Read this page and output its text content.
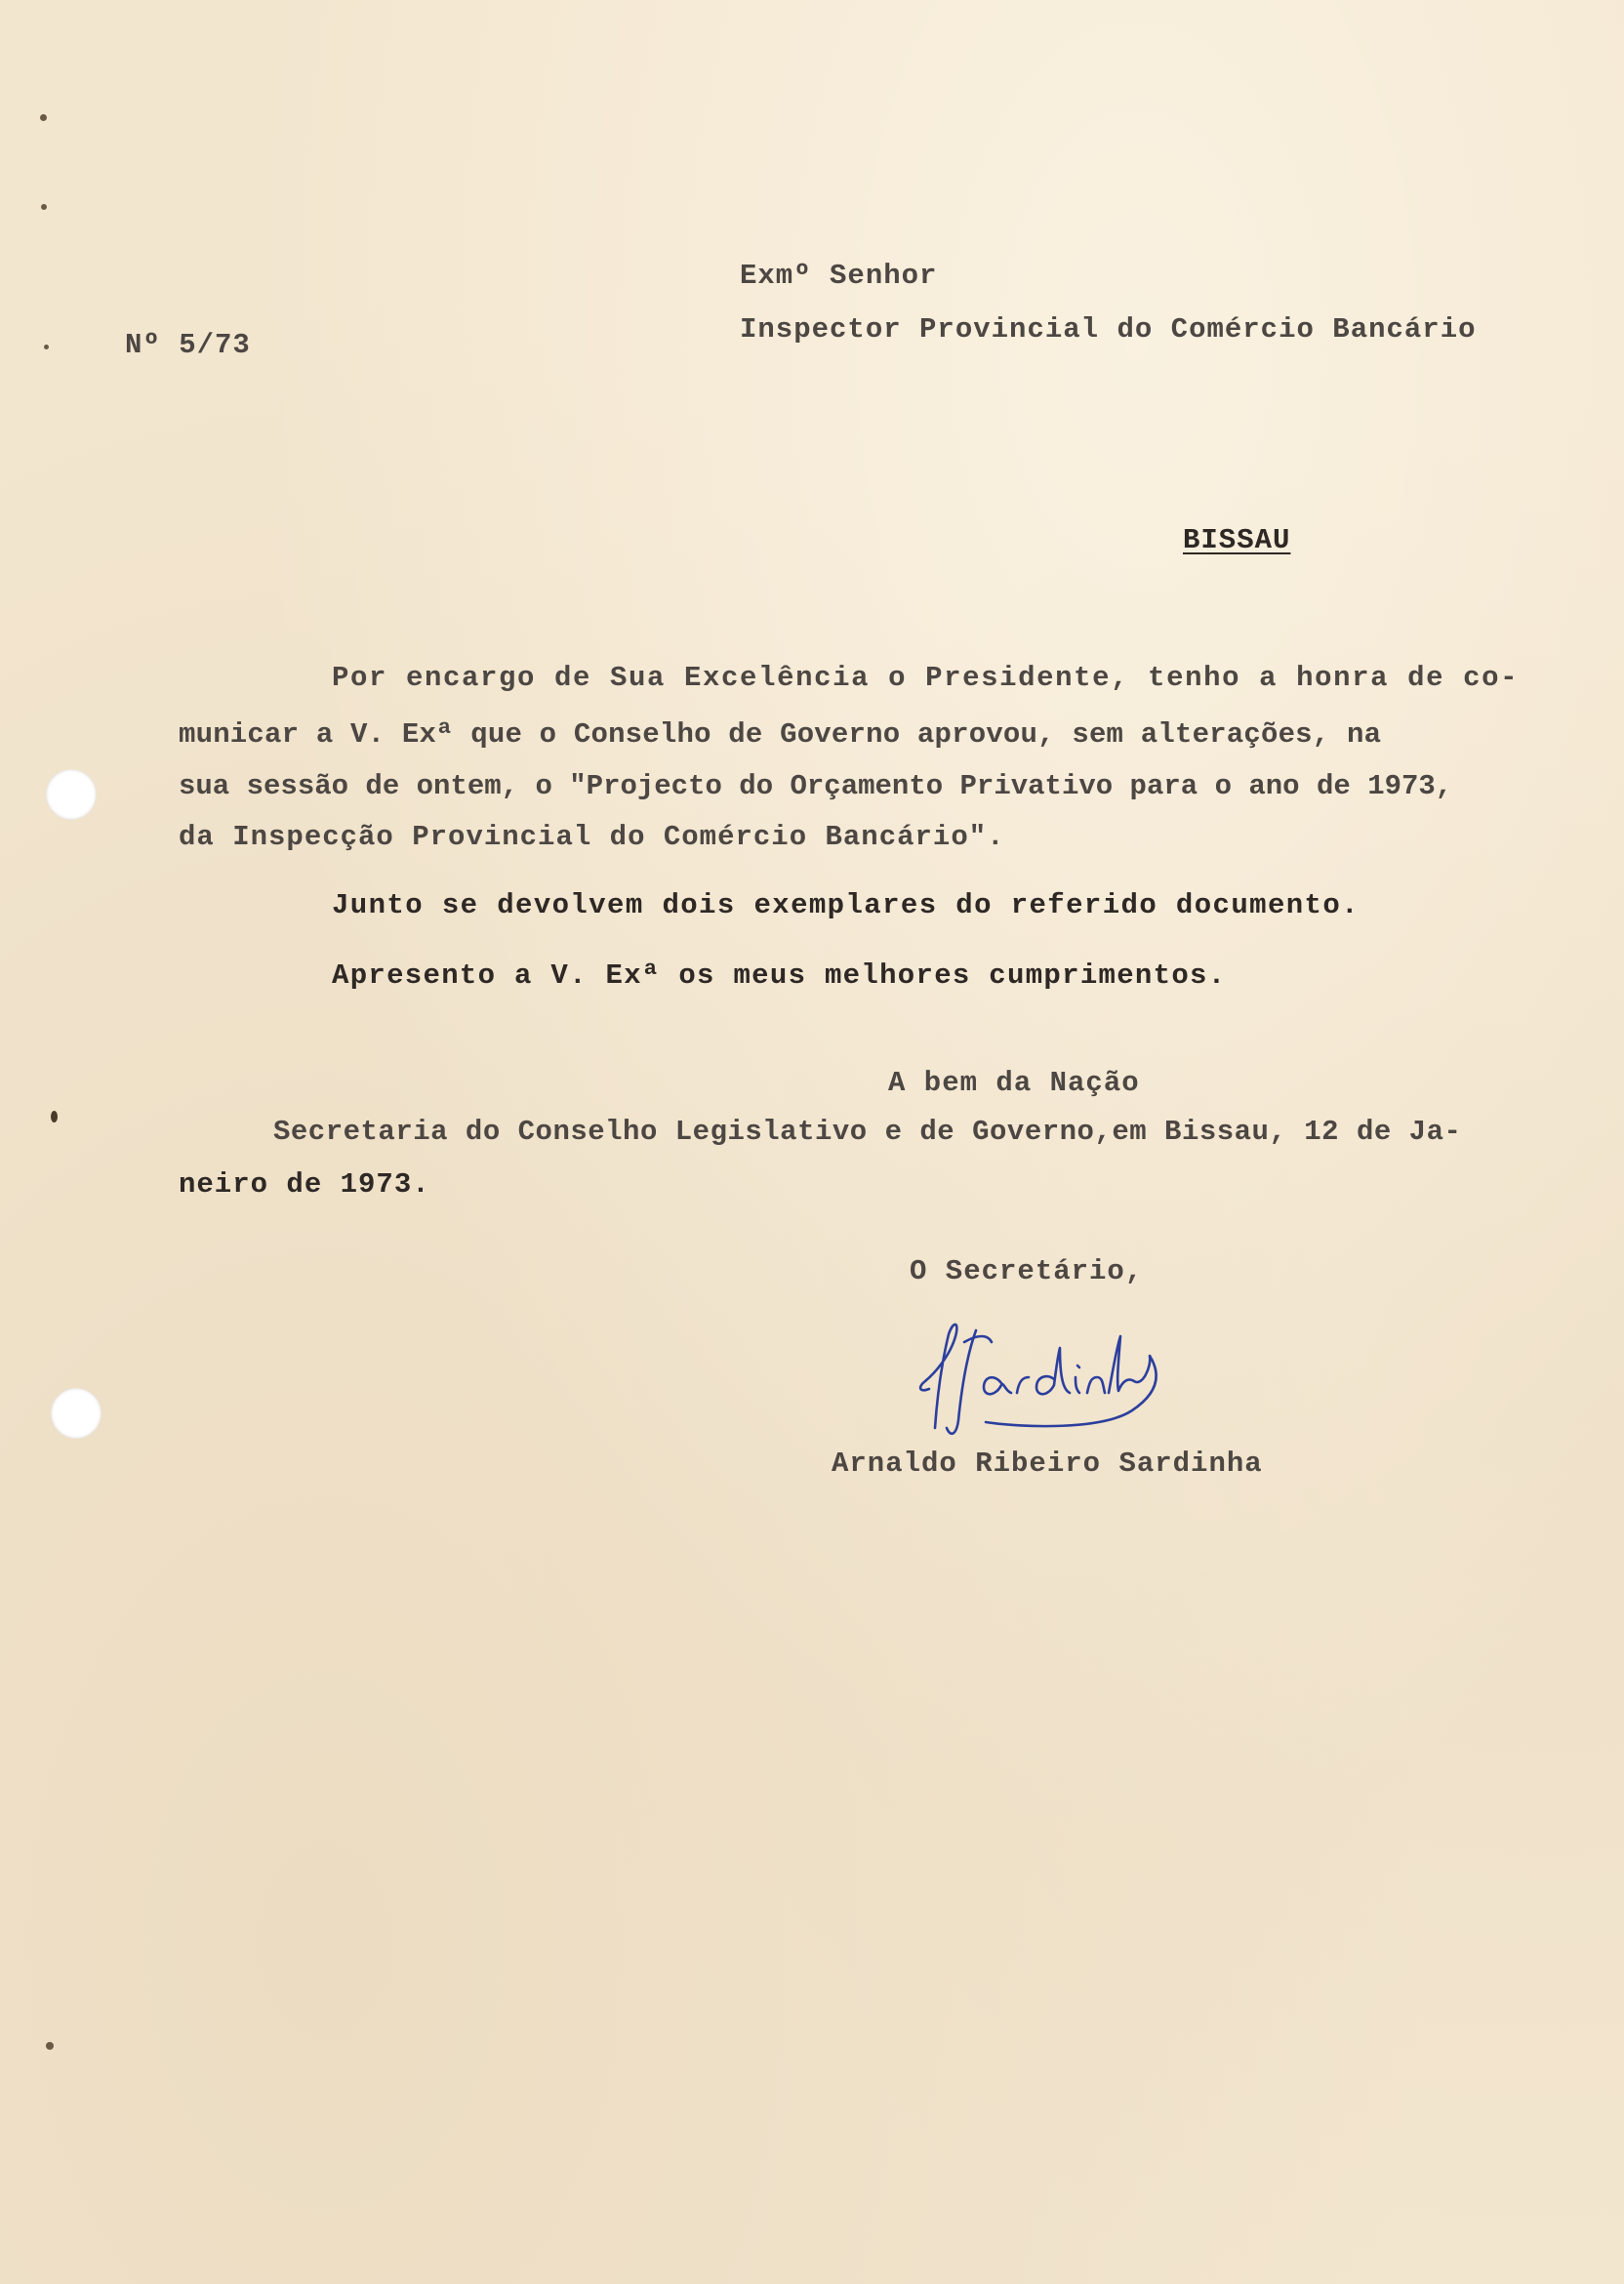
Nº 5/73
Exmº Senhor
Inspector Provincial do Comércio Bancário
BISSAU
Por encargo de Sua Excelência o Presidente, tenho a honra de co-
municar a V. Exª que o Conselho de Governo aprovou, sem alterações, na
sua sessão de ontem, o "Projecto do Orçamento Privativo para o ano de 1973,
da Inspecção Provincial do Comércio Bancário".
Junto se devolvem dois exemplares do referido documento.
Apresento a V. Exª os meus melhores cumprimentos.
A bem da Nação
Secretaria do Conselho Legislativo e de Governo,em Bissau, 12 de Ja-
neiro de 1973.
O Secretário,
Arnaldo Ribeiro Sardinha
